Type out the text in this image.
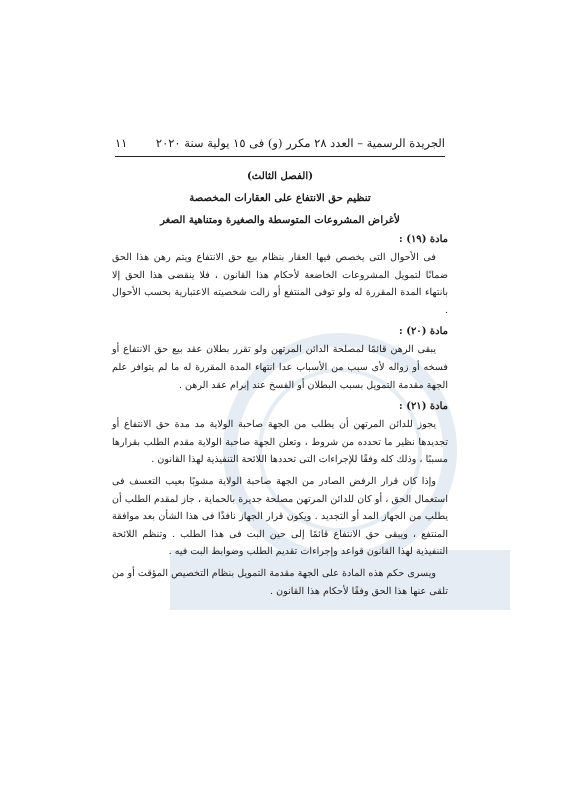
الجريدة الرسمية – العدد ٢٨ مكرر (و) فى ١٥ يولية سنة ٢٠٢٠
١١
(الفصل الثالث)
تنظيم حق الانتفاع على العقارات المخصصة
لأغراض المشروعات المتوسطة والصغيرة ومتناهية الصغر
مادة (١٩) :

فى الأحوال التى يخصص فيها العقار بنظام بيع حق الانتفاع ويتم رهن هذا الحق ضمانًا لتمويل المشروعات الخاضعة لأحكام هذا القانون ، فلا ينقضى هذا الحق إلا بانتهاء المدة المقررة له ولو توفى المنتفع أو زالت شخصيته الاعتبارية بحسب الأحوال .

مادة (٢٠) :

يبقى الرهن قائمًا لمصلحة الدائن المرتهن ولو تقرر بطلان عقد بيع حق الانتفاع أو فسخه أو زواله لأى سبب من الأسباب عدا انتهاء المدة المقررة له ما لم يتوافر علم الجهة مقدمة التمويل بسبب البطلان أو الفسخ عند إبرام عقد الرهن .

مادة (٢١) :

يجوز للدائن المرتهن أن يطلب من الجهة صاحبة الولاية مد مدة حق الانتفاع أو تجديدها نظير ما تحدده من شروط ، وتعلن الجهة صاحبة الولاية مقدم الطلب بقرارها مسببًا ، وذلك كله وفقًا للإجراءات التى تحددها اللائحة التنفيذية لهذا القانون .

وإذا كان قرار الرفض الصادر من الجهة صاحبة الولاية مشوبًا بعيب التعسف فى استعمال الحق ، أو كان للدائن المرتهن مصلحة جديرة بالحماية ، جاز لمقدم الطلب أن يطلب من الجهاز المد أو التجديد . ويكون قرار الجهاز نافذًا فى هذا الشأن بعد موافقة المنتفع ، ويبقى حق الانتفاع قائمًا إلى حين البت فى هذا الطلب . وتنظم اللائحة التنفيذية لهذا القانون قواعد وإجراءات تقديم الطلب وضوابط البت فيه .

ويسرى حكم هذه المادة على الجهة مقدمة التمويل بنظام التخصيص المؤقت أو من تلقى عنها هذا الحق وفقًا لأحكام هذا القانون .
